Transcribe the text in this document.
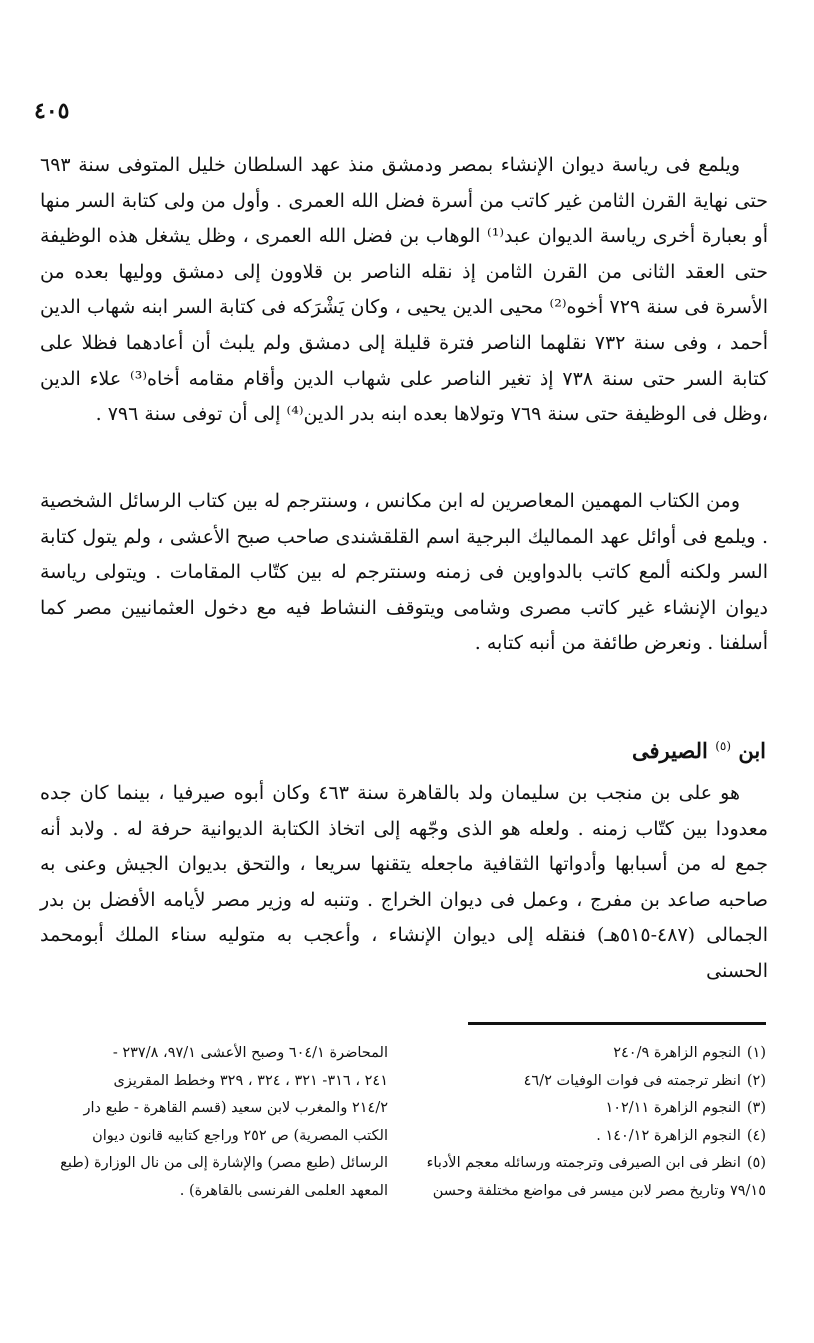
٤٠٥

ويلمع فى رياسة ديوان الإنشاء بمصر ودمشق منذ عهد السلطان خليل المتوفى سنة ٦٩٣ حتى نهاية القرن الثامن غير كاتب من أسرة فضل الله العمرى . وأول من ولى كتابة السر منها أو بعبارة أخرى رياسة الديوان عبد⁽¹⁾ الوهاب بن فضل الله العمرى ، وظل يشغل هذه الوظيفة حتى العقد الثانى من القرن الثامن إذ نقله الناصر بن قلاوون إلى دمشق ووليها بعده من الأسرة فى سنة ٧٢٩ أخوه⁽²⁾ محيى الدين يحيى ، وكان يَشْرَكه فى كتابة السر ابنه شهاب الدين أحمد ، وفى سنة ٧٣٢ نقلهما الناصر فترة قليلة إلى دمشق ولم يلبث أن أعادهما فظلا على كتابة السر حتى سنة ٧٣٨ إذ تغير الناصر على شهاب الدين وأقام مقامه أخاه⁽³⁾ علاء الدين ،وظل فى الوظيفة حتى سنة ٧٦٩ وتولاها بعده ابنه بدر الدين⁽⁴⁾ إلى أن توفى سنة ٧٩٦ .

ومن الكتاب المهمين المعاصرين له ابن مكانس ، وسنترجم له بين كتاب الرسائل الشخصية . ويلمع فى أوائل عهد المماليك البرجية اسم القلقشندى صاحب صبح الأعشى ، ولم يتول كتابة السر ولكنه ألمع كاتب بالدواوين فى زمنه وسنترجم له بين كتّاب المقامات . ويتولى رياسة ديوان الإنشاء غير كاتب مصرى وشامى ويتوقف النشاط فيه مع دخول العثمانيين مصر كما أسلفنا . ونعرض طائفة من أنبه كتابه .

ابن $^{(٥)}$ الصيرفى

هو على بن منجب بن سليمان ولد بالقاهرة سنة ٤٦٣ وكان أبوه صيرفيا ، بينما كان جده معدودا بين كتّاب زمنه . ولعله هو الذى وجّهه إلى اتخاذ الكتابة الديوانية حرفة له . ولابد أنه جمع له من أسبابها وأدواتها الثقافية ماجعله يتقنها سريعا ، والتحق بديوان الجيش وعنى به صاحبه صاعد بن مفرج ، وعمل فى ديوان الخراج . وتنبه له وزير مصر لأيامه الأفضل بن بدر الجمالى (٤٨٧-٥١٥هـ) فنقله إلى ديوان الإنشاء ، وأعجب به متوليه سناء الملك أبومحمد الحسنى

(١)النجوم الزاهرة ٢٤٠/٩
(٢)انظر ترجمته فى فوات الوفيات ٤٦/٢
(٣)النجوم الزاهرة ١٠٢/١١
(٤)النجوم الزاهرة ١٤٠/١٢ .
(٥)انظر فى ابن الصيرفى وترجمته ورسائله معجم الأدباء
٧٩/١٥ وتاريخ مصر لابن ميسر فى مواضع مختلفة وحسن
المحاضرة ٦٠٤/١ وصبح الأعشى ٩٧/١، ٢٣٧/٨ -
٢٤١ ، ٣١٦- ٣٢١ ، ٣٢٤ ، ٣٢٩ وخطط المقريزى
٢١٤/٢ والمغرب لابن سعيد (قسم القاهرة - طبع دار
الكتب المصرية) ص ٢٥٢ وراجع كتابيه قانون ديوان
الرسائل (طبع مصر) والإشارة إلى من نال الوزارة (طبع
المعهد العلمى الفرنسى بالقاهرة) .
